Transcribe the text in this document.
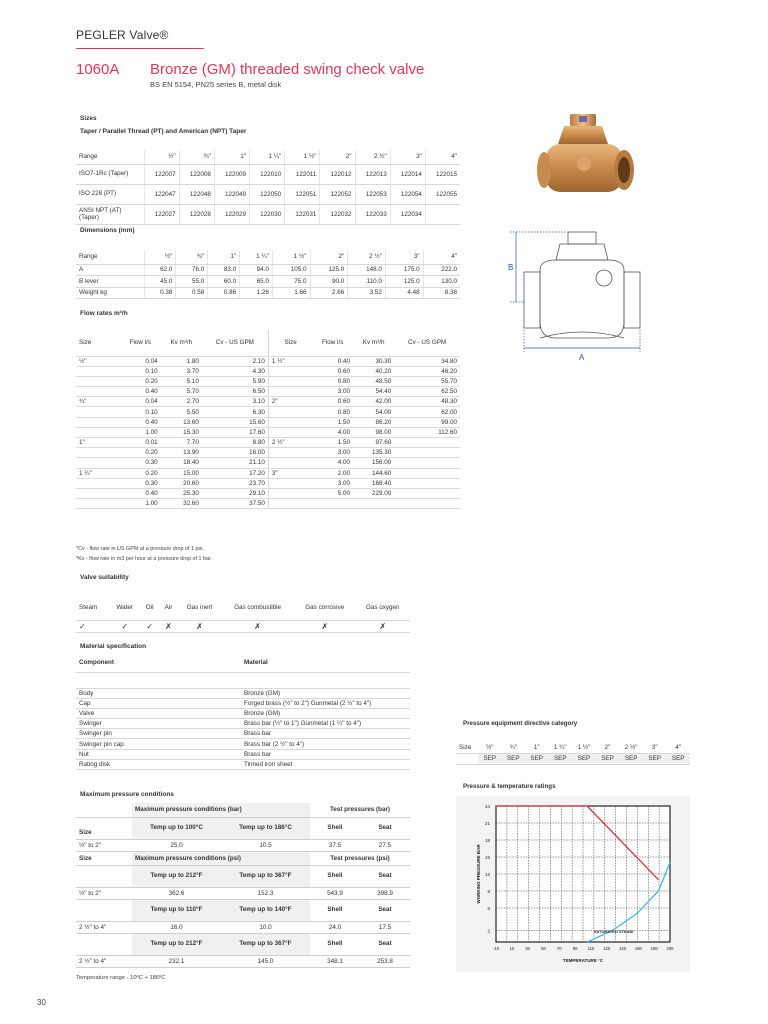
PEGLER Valve®
1060A Bronze (GM) threaded swing check valve
BS EN 5154, PN25 series B, metal disk
Sizes
Taper / Parallel Thread (PT) and American (NPT) Taper
Range	½"	¾"	1"	1 ¼"	1 ½"	2"	2 ½"	3"	4"
ISO7-1Rc (Taper)	122007	122008	122009	122010	122011	122012	122013	122014	122015
ISO 228 (PT)	122047	122048	122049	122050	122051	122052	122053	122054	122055
ANSI NPT (AT) (Taper)	122027	122028	122029	122030	122031	122032	122033	122034	
Dimensions (mm)
Range	½"	¾"	1"	1 ¼"	1 ½"	2"	2 ½"	3"	4"
A	62.0	76.0	83.0	94.0	105.0	125.0	148.0	175.0	222.0
B lever	45.0	55.0	60.0	65.0	75.0	90.0	110.0	125.0	130.0
Weight kg	0.38	0.58	0.86	1.26	1.66	2.66	3.52	4.48	8.38
Flow rates m³/h
Size	Flow l/s	Kv m³/h	Cv - US GPM	Size	Flow l/s	Kv m³/h	Cv - US GPM
½"	0.04	1.80	2.10	1 ½"	0.40	30.30	34.80
	0.10	3.70	4.30		0.60	40.20	46.20
	0.20	5.10	5.90		0.80	48.50	55.70
	0.40	5.70	6.50		3.00	54.40	62.50
¾"	0.04	2.70	3.10	2"	0.60	42.00	48.30
	0.10	5.50	6.30		0.80	54.00	62.00
	0.40	13.60	15.60		1.50	86.20	99.00
	1.00	15.30	17.60		4.00	98.00	112.60
1"	0.01	7.70	8.80	2 ½"	1.50	97.60	
	0.20	13.90	16.00		3.00	135.30	
	0.30	18.40	21.10		4.00	156.00	
1 ¼"	0.20	15.00	17.20	3"	2.00	144.60	
	0.30	20.60	23.70		3.00	168.40	
	0.40	25.30	29.10		5.00	229.00	
	1.00	32.60	37.50				
*Cv - flow rate in US GPM at a pressure drop of 1 psi.
*Kv - flow rate in m3 per hour at a pressure drop of 1 bar.
Valve suitability
Steam	Water	Oil	Air	Gas inert	Gas combustible	Gas corrosive	Gas oxygen
✓	✓	✓	✗	✗	✗	✗	✗
Material specification
Component	Material

Body	Bronze (GM)
Cap	Forged brass (½" to 2") Gunmetal (2 ½" to 4")
Valve	Bronze (GM)
Swinger	Brass bar (½" to 1") Gunmetal (1 ¼" to 4")
Swinger pin	Brass bar
Swinger pin cap	Brass bar (2 ½" to 4")
Nut	Brass bar
Rating disk	Tinned iron sheet
Maximum pressure conditions
	Maximum pressure conditions (bar)		Test pressures (bar)	
Size	Temp up to 100°C	Temp up to 186°C	Shell	Seat
½" to 2"	25.0	10.5	37.5	27.5
Size	Maximum pressure conditions (psi)		Test pressures (psi)	
	Temp up to 212°F	Temp up to 367°F	Shell	Seat
½" to 2"	362.6	152.3	543.9	398.9
	Temp up to 110°F	Temp up to 140°F	Shell	Seat
2 ½" to 4"	16.0	10.0	24.0	17.5
	Temp up to 212°F	Temp up to 367°F	Shell	Seat
2 ½" to 4"	232.1	145.0	348.1	253.8
Temperature range - 10ºC + 186ºC
Pressure equipment directive category
Size	½"	¾"	1"	1 ¼"	1 ½"	2"	2 ½"	3"	4"
	SEP	SEP	SEP	SEP	SEP	SEP	SEP	SEP	SEP
Pressure & temperature ratings
2
6
9
12
15
18
21
24
-10 10	30	50	70	90 110 120 140 160 180 200
SATURATED STEAM
TEMPERATURE °C
WORKING PRESSURE BAR
B
A
30
